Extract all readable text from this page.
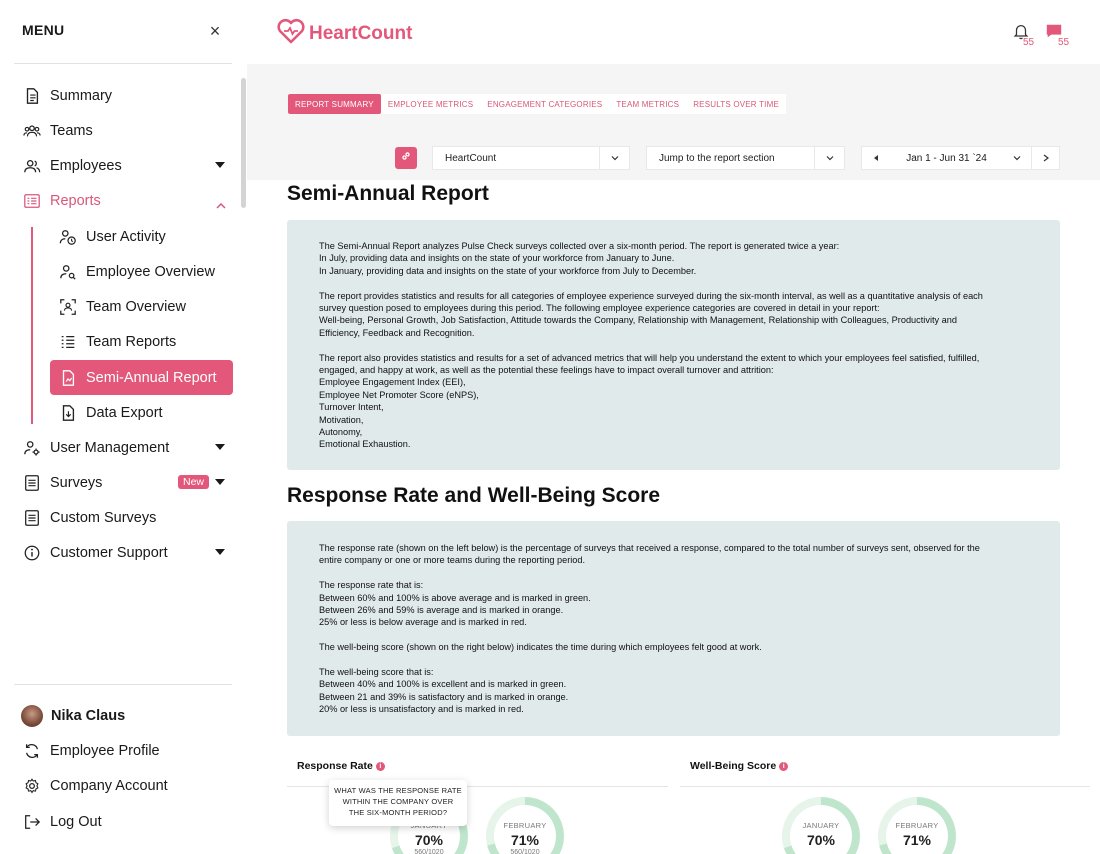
MENU	×
Summary
Teams
Employees
Reports
User Activity
Employee Overview
Team Overview
Team Reports
Semi-Annual Report
Data Export
User Management
Surveys	New
Custom Surveys
Customer Support
Nika Claus
Employee Profile
Company Account
Log Out
HeartCount	55 55
REPORT SUMMARY	EMPLOYEE METRICS	ENGAGEMENT CATEGORIES	TEAM METRICS	RESULTS OVER TIME
HeartCount	Jump to the report section	Jan 1 - Jun 31 `24
Semi-Annual Report

The Semi-Annual Report analyzes Pulse Check surveys collected over a six-month period. The report is generated twice a year:

In July, providing data and insights on the state of your workforce from January to June.

In January, providing data and insights on the state of your workforce from July to December.

The report provides statistics and results for all categories of employee experience surveyed during the six-month interval, as well as a quantitative analysis of each

survey question posed to employees during this period. The following employee experience categories are covered in detail in your report:

Well-being, Personal Growth, Job Satisfaction, Attitude towards the Company, Relationship with Management, Relationship with Colleagues, Productivity and

Efficiency, Feedback and Recognition.

The report also provides statistics and results for a set of advanced metrics that will help you understand the extent to which your employees feel satisfied, fulfilled,

engaged, and happy at work, as well as the potential these feelings have to impact overall turnover and attrition:

Employee Engagement Index (EEI),

Employee Net Promoter Score (eNPS),

Turnover Intent,

Motivation,

Autonomy,

Emotional Exhaustion.

Response Rate and Well-Being Score

The response rate (shown on the left below) is the percentage of surveys that received a response, compared to the total number of surveys sent, observed for the

entire company or one or more teams during the reporting period.

The response rate that is:

Between 60% and 100% is above average and is marked in green.

Between 26% and 59% is average and is marked in orange.

25% or less is below average and is marked in red.

The well-being score (shown on the right below) indicates the time during which employees felt good at work.

The well-being score that is:

Between 40% and 100% is excellent and is marked in green.

Between 21 and 39% is satisfactory and is marked in orange.

20% or less is unsatisfactory and is marked in red.

Response Rate i	Well-Being Score i
70%
560/1020
FEBRUARY
71%
560/1020
JANUARY
70%
FEBRUARY
71%
WHAT WAS THE RESPONSE RATE
WITHIN THE COMPANY OVER
THE SIX-MONTH PERIOD?
